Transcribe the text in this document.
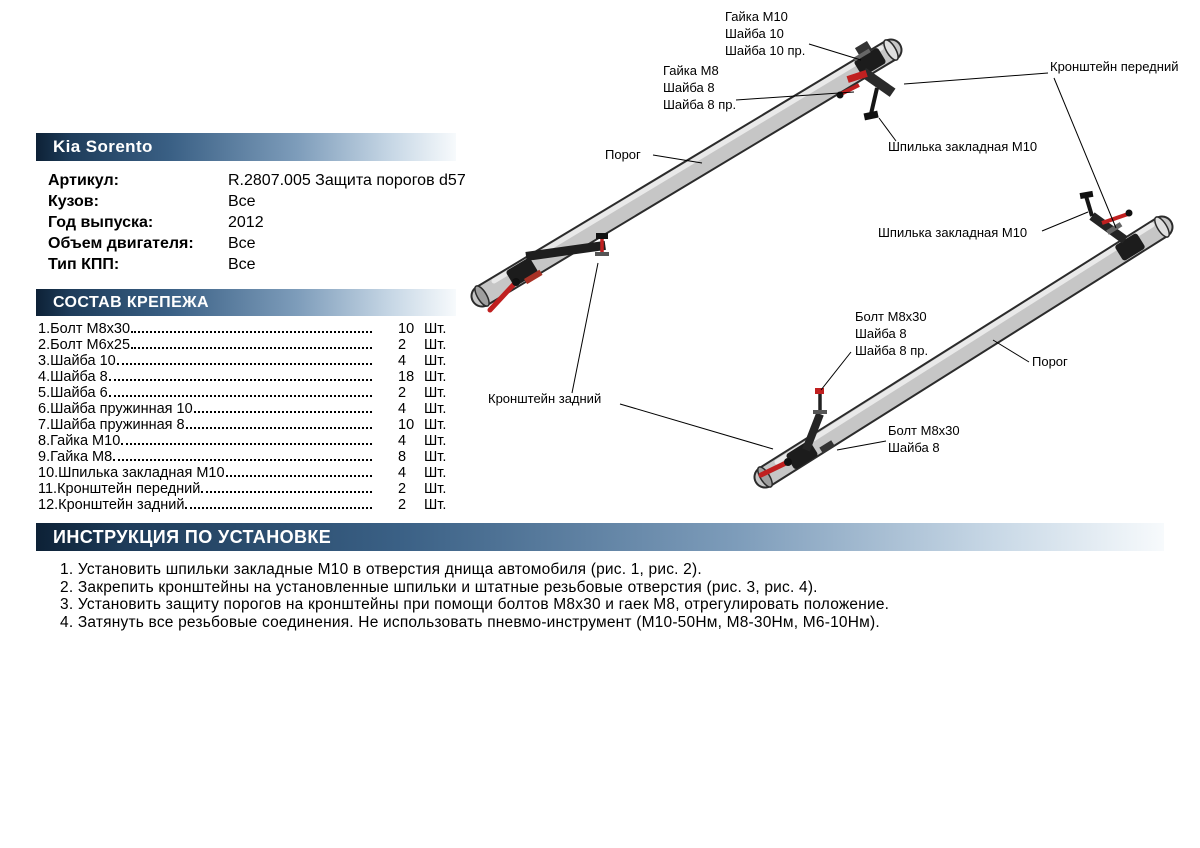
Kia Sorento
Артикул:	R.2807.005 Защита порогов d57
Кузов:	Все
Год выпуска:	2012
Объем двигателя:	Все
Тип КПП:	Все
СОСТАВ КРЕПЕЖА
1.Болт М8х30	10 Шт.
2.Болт М6х25	2	Шт.
3.Шайба 10	4	Шт.
4.Шайба 8	18 Шт.
5.Шайба 6	2	Шт.
6.Шайба пружинная 10	4	Шт.
7.Шайба пружинная 8	10 Шт.
8.Гайка М10	4	Шт.
9.Гайка М8	8	Шт.
10.Шпилька закладная М10	4	Шт.
11.Кронштейн передний	2	Шт.
12.Кронштейн задний	2	Шт.
ИНСТРУКЦИЯ ПО УСТАНОВКЕ
1. Установить шпильки закладные М10 в отверстия днища автомобиля (рис. 1, рис. 2).
2. Закрепить кронштейны на установленные шпильки и штатные резьбовые отверстия (рис. 3, рис. 4).
3. Установить защиту порогов на кронштейны при помощи болтов М8х30 и гаек М8, отрегулировать положение.
4. Затянуть все резьбовые соединения. Не использовать пневмо-инструмент (М10-50Нм, М8-30Нм, М6-10Нм).
Гайка М10
Шайба 10
Шайба 10 пр.
Гайка М8
Шайба 8
Шайба 8 пр.
Кронштейн передний
Порог
Шпилька закладная М10
Шпилька закладная М10
Болт М8х30
Шайба 8
Шайба 8 пр.
Порог
Кронштейн задний
Болт М8х30
Шайба 8
